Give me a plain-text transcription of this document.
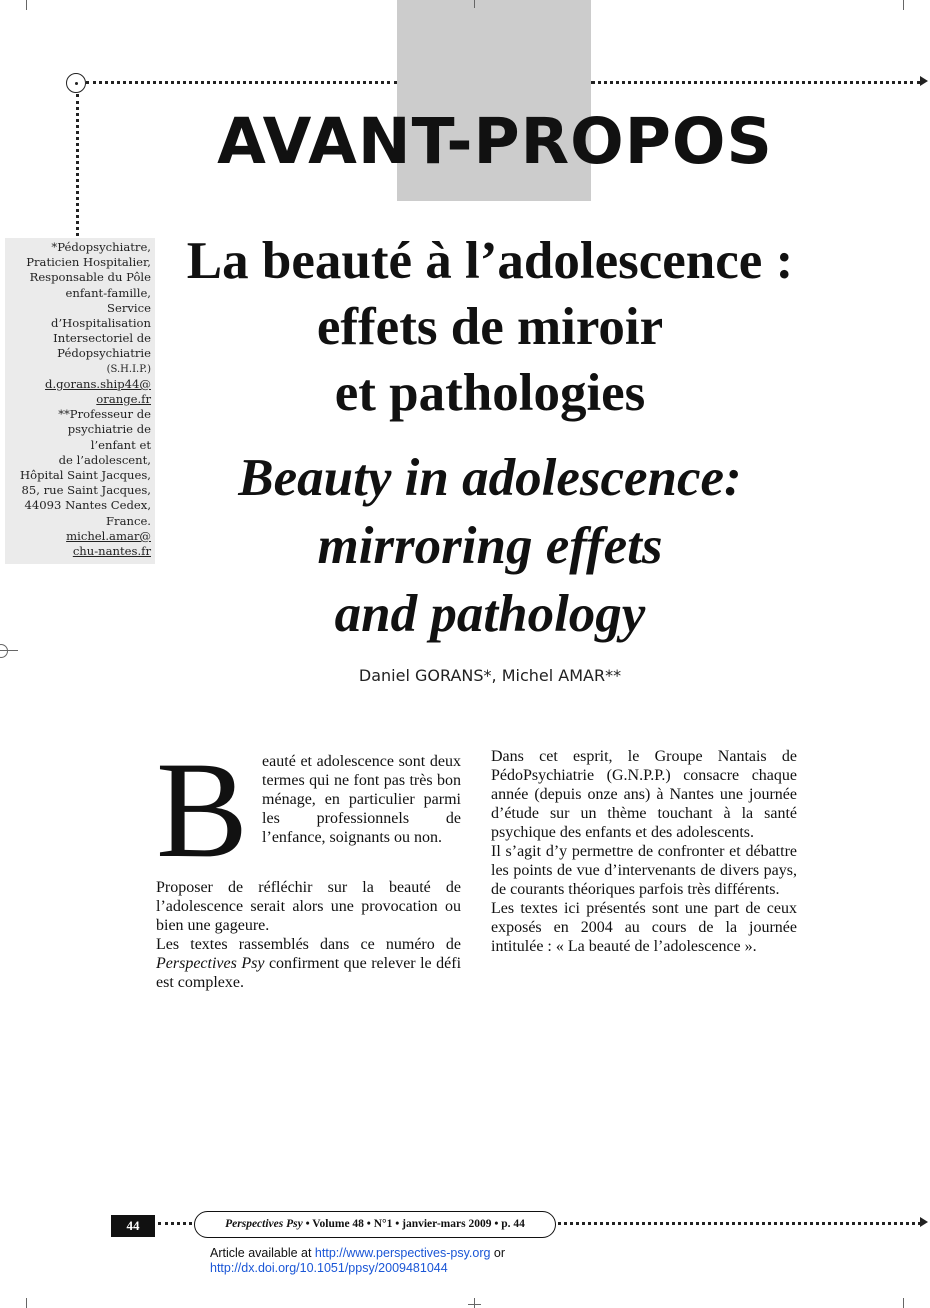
AVANT-PROPOS
*Pédopsychiatre,
Praticien Hospitalier,
Responsable du Pôle
enfant-famille,
Service
d’Hospitalisation
Intersectoriel de
Pédopsychiatrie
(S.H.I.P.)
d.gorans.ship44@
orange.fr
**Professeur de
psychiatrie de
l’enfant et
de l’adolescent,
Hôpital Saint Jacques,
85, rue Saint Jacques,
44093 Nantes Cedex,
France.
michel.amar@
chu-nantes.fr
La beauté à l’adolescence :
effets de miroir
et pathologies
Beauty in adolescence:
mirroring effets
and pathology
Daniel GORANS*, Michel AMAR**
B eauté et adolescence sont deux termes qui ne font pas très bon ménage, en particulier parmi les professionnels de l’enfance, soignants ou non.

Proposer de réfléchir sur la beauté de l’adolescence serait alors une provocation ou bien une gageure.

Les textes rassemblés dans ce numéro de Perspectives Psy confirment que relever le défi est complexe.

Dans cet esprit, le Groupe Nantais de PédoPsychiatrie (G.N.P.P.) consacre chaque année (depuis onze ans) à Nantes une journée d’étude sur un thème touchant à la santé psychique des enfants et des adolescents.

Il s’agit d’y permettre de confronter et débattre les points de vue d’intervenants de divers pays, de courants théoriques parfois très différents.

Les textes ici présentés sont une part de ceux exposés en 2004 au cours de la journée intitulée : « La beauté de l’adolescence ».

44	Perspectives Psy • Volume 48 • N°1 • janvier-mars 2009 • p. 44
Article available at http://www.perspectives-psy.org or
http://dx.doi.org/10.1051/ppsy/2009481044
